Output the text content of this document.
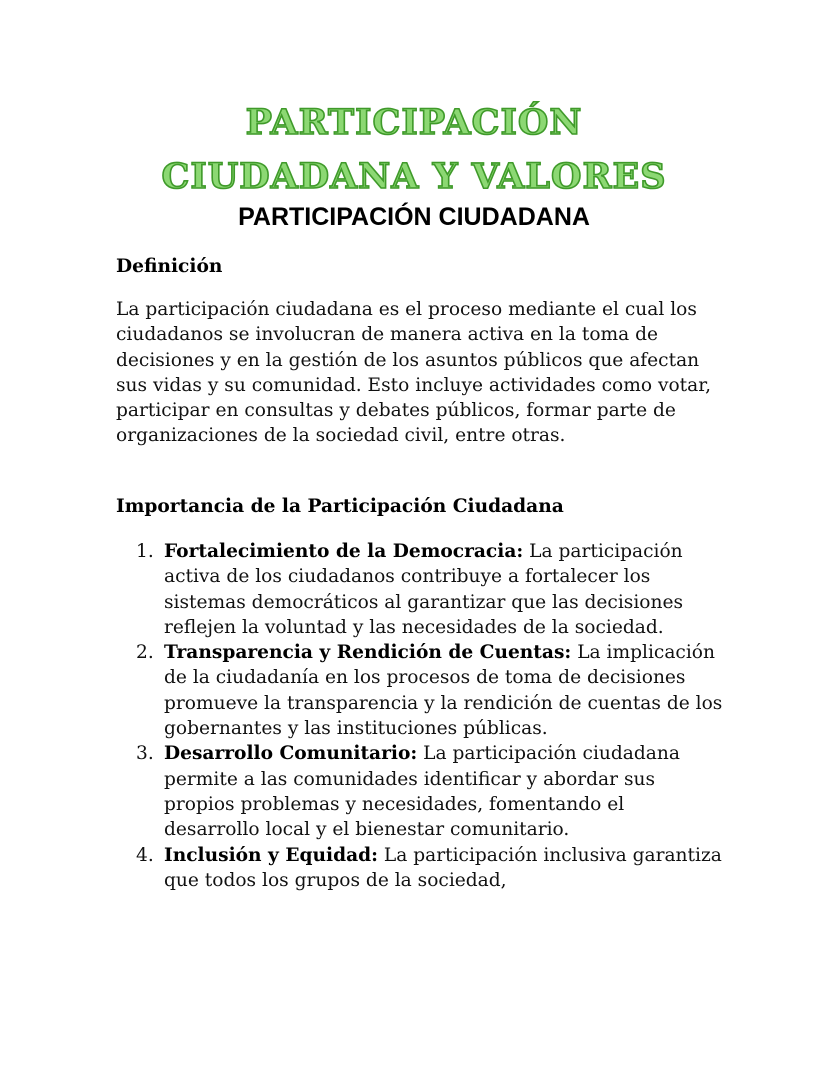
PARTICIPACIÓN
CIUDADANA Y VALORES
PARTICIPACIÓN CIUDADANA
Definición

La participación ciudadana es el proceso mediante el cual los ciudadanos se involucran de manera activa en la toma de decisiones y en la gestión de los asuntos públicos que afectan sus vidas y su comunidad. Esto incluye actividades como votar, participar en consultas y debates públicos, formar parte de organizaciones de la sociedad civil, entre otras.

Importancia de la Participación Ciudadana
1. Fortalecimiento de la Democracia: La participación activa de los ciudadanos contribuye a fortalecer los sistemas democráticos al garantizar que las decisiones reflejen la voluntad y las necesidades de la sociedad.
2. Transparencia y Rendición de Cuentas: La implicación de la ciudadanía en los procesos de toma de decisiones promueve la transparencia y la rendición de cuentas de los gobernantes y las instituciones públicas.
3. Desarrollo Comunitario: La participación ciudadana permite a las comunidades identificar y abordar sus propios problemas y necesidades, fomentando el desarrollo local y el bienestar comunitario.
4. Inclusión y Equidad: La participación inclusiva garantiza que todos los grupos de la sociedad,
